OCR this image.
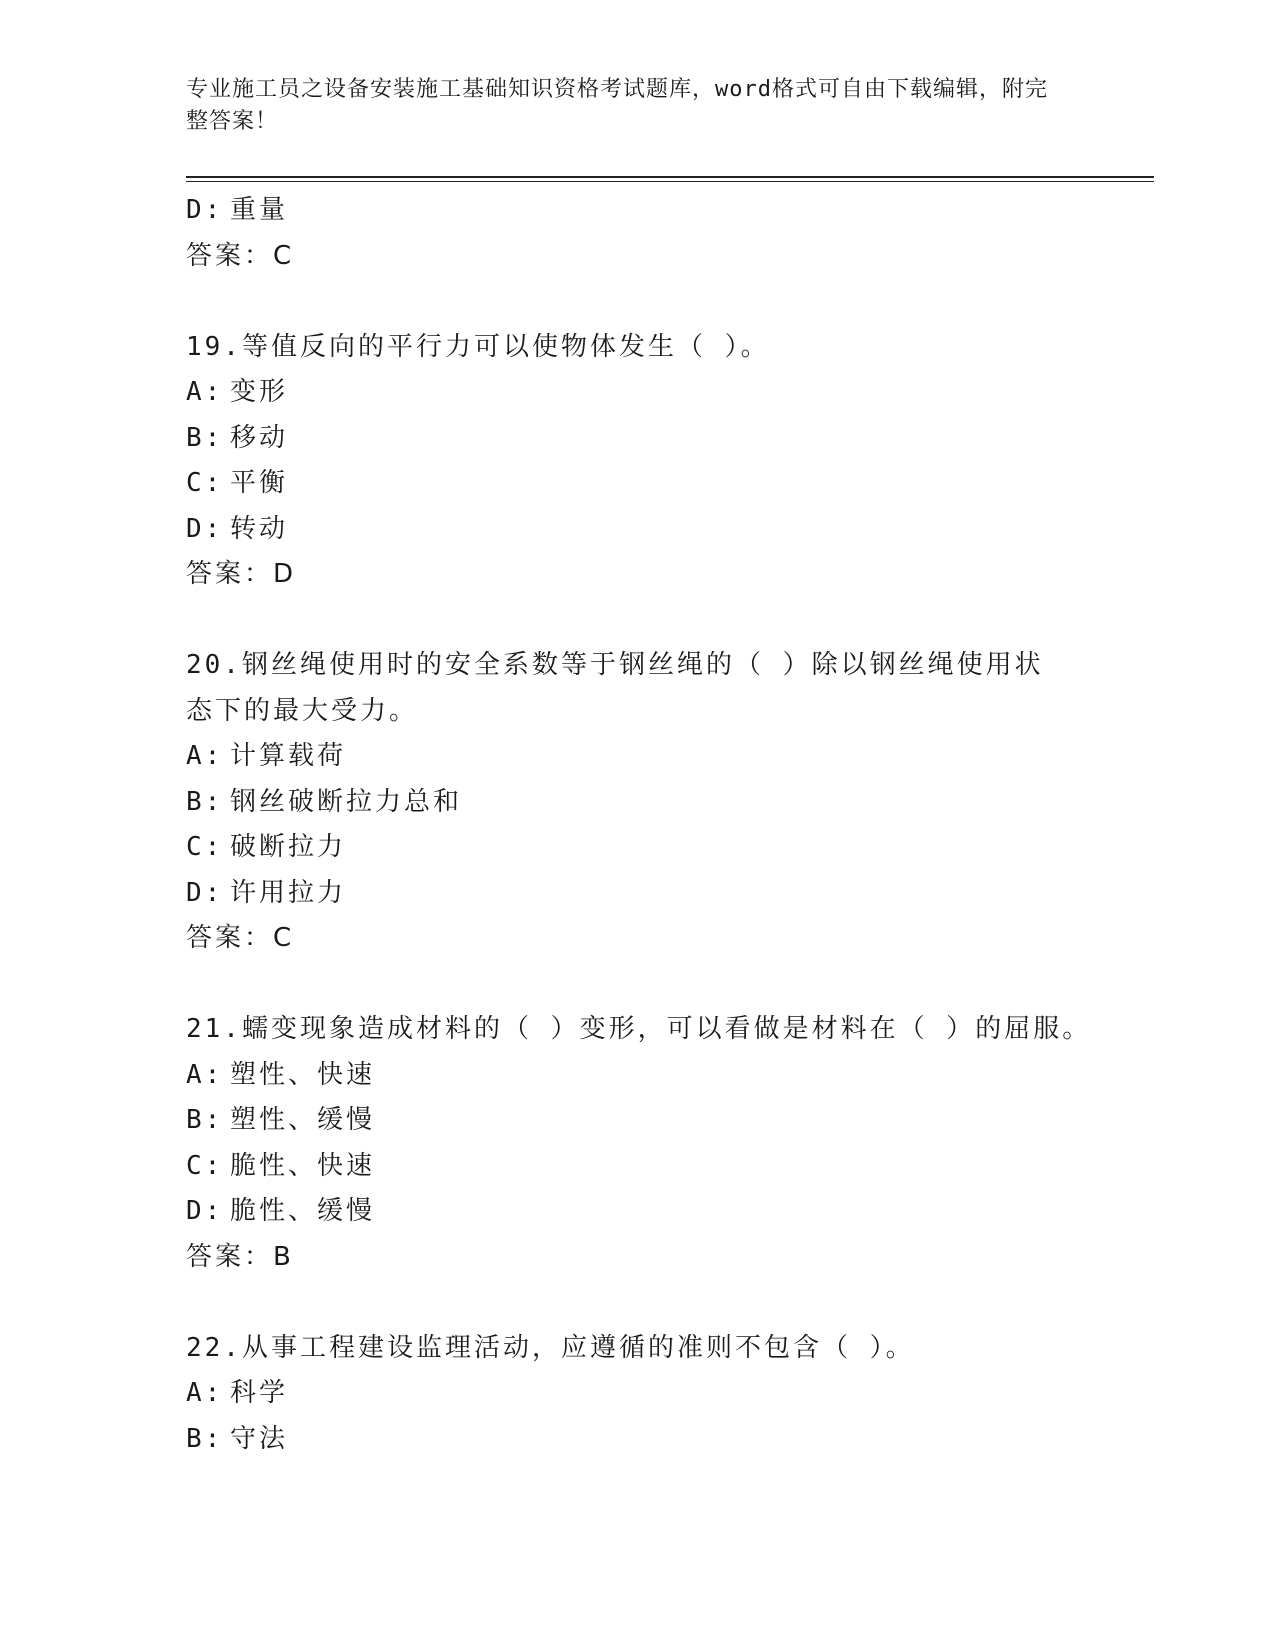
专业施工员之设备安装施工基础知识资格考试题库，word格式可自由下载编辑，附完整答案！
D: 重量
答案：C
19.等值反向的平行力可以使物体发生（ ）。
A: 变形
B: 移动
C: 平衡
D: 转动
答案：D
20.钢丝绳使用时的安全系数等于钢丝绳的（ ）除以钢丝绳使用状态下的最大受力。
A: 计算载荷
B: 钢丝破断拉力总和
C: 破断拉力
D: 许用拉力
答案：C
21.蠕变现象造成材料的（ ）变形，可以看做是材料在（ ）的屈服。
A: 塑性、快速
B: 塑性、缓慢
C: 脆性、快速
D: 脆性、缓慢
答案：B
22.从事工程建设监理活动，应遵循的准则不包含（ ）。
A: 科学
B: 守法
